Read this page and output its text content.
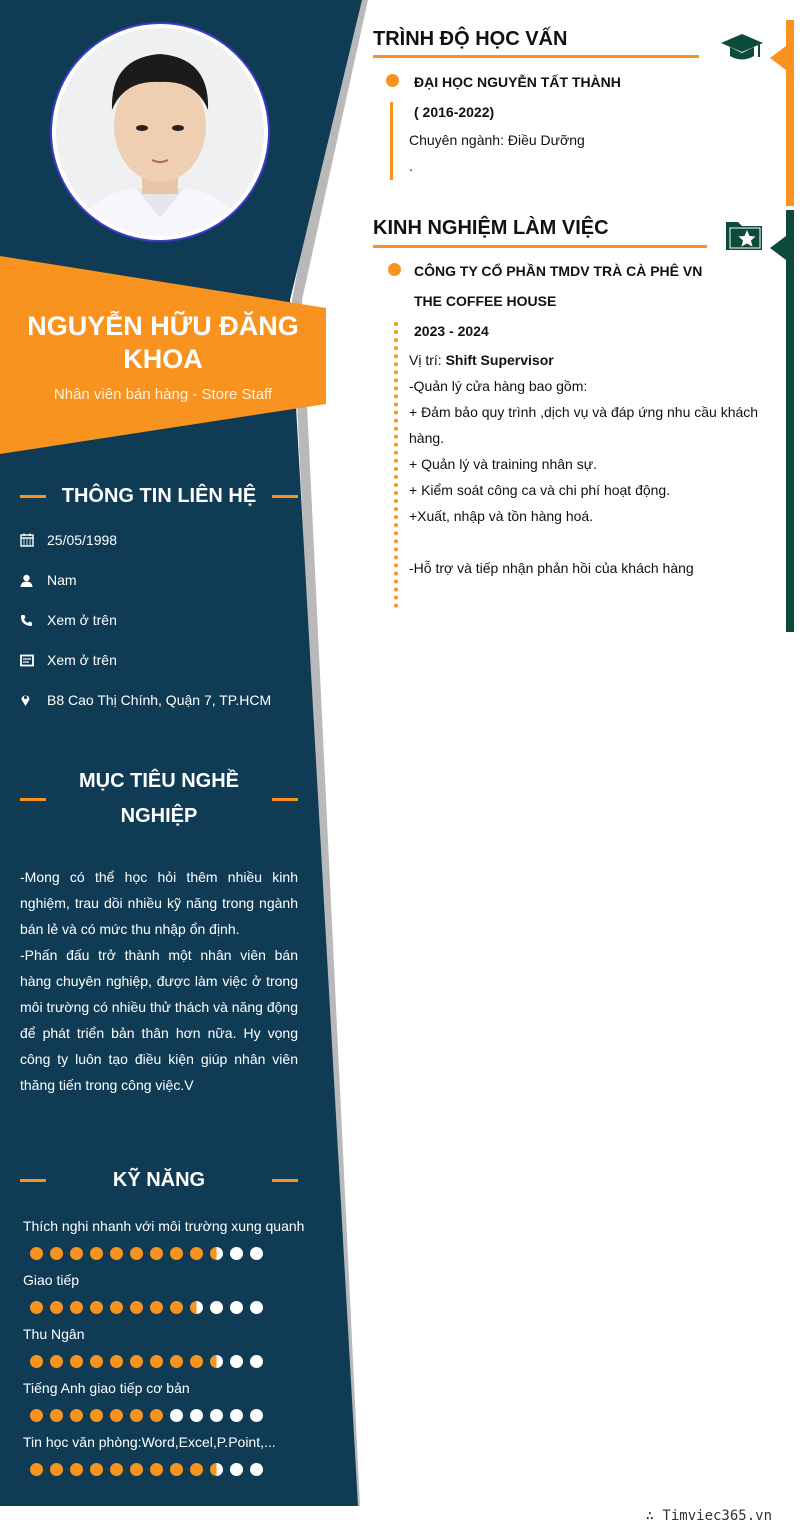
NGUYỄN HỮU ĐĂNG KHOA
Nhân viên bán hàng - Store Staff
THÔNG TIN LIÊN HỆ
25/05/1998
Nam
Xem ở trên
Xem ở trên
B8 Cao Thị Chính, Quận 7, TP.HCM
MỤC TIÊU NGHỀ
NGHIỆP
-Mong có thể học hỏi thêm nhiều kinh nghiệm, trau dồi nhiều kỹ năng trong ngành bán lẻ và có mức thu nhập ổn định.
-Phấn đấu trở thành một nhân viên bán hàng chuyên nghiệp, được làm việc ở trong môi trường có nhiều thử thách và năng động để phát triển bản thân hơn nữa. Hy vọng công ty luôn tạo điều kiện giúp nhân viên thăng tiến trong công việc.V
KỸ NĂNG
Thích nghi nhanh với môi trường xung quanh
Giao tiếp
Thu Ngân
Tiếng Anh giao tiếp cơ bản
Tin học văn phòng:Word,Excel,P.Point,...
TRÌNH ĐỘ HỌC VẤN
ĐẠI HỌC NGUYỄN TẤT THÀNH
( 2016-2022)
Chuyên ngành: Điều Dưỡng
.
KINH NGHIỆM LÀM VIỆC
CÔNG TY CỔ PHẦN TMDV TRÀ CÀ PHÊ VN
THE COFFEE HOUSE
2023 - 2024
Vị trí: Shift Supervisor
-Quản lý cửa hàng bao gồm:
+ Đảm bảo quy trình ,dịch vụ và đáp ứng nhu cầu khách
hàng.
+ Quản lý và training nhân sự.
+ Kiểm soát công ca và chi phí hoạt động.
+Xuất, nhập và tồn hàng hoá.
-Hỗ trợ và tiếp nhận phản hồi của khách hàng
∴ Timviec365.vn
